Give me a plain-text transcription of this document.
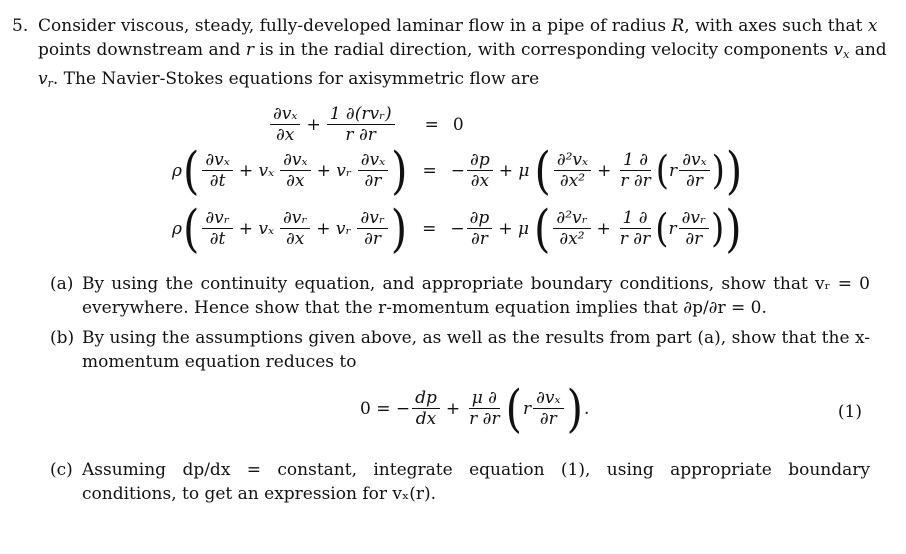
5. Consider viscous, steady, fully-developed laminar flow in a pipe of radius R, with axes such that x points downstream and r is in the radial direction, with corresponding velocity components $v_x$ and $v_r$. The Navier-Stokes equations for axisymmetric flow are
$\frac{\text{∂vₓ}}{\partial x} + \frac{\text{1 ∂(rvᵣ)}}{r \partial r} = 0$
ρ ( $\frac{\text{∂vₓ}}{\partial t} + v_x \frac{\text{∂vₓ}}{\partial x}$ + vᵣ $\frac{\text{∂vₓ}}{\partial r}$ ) = − $\frac{\partial p}{\partial x} + \mu$ ( $\frac{\text{∂²vₓ}}{\text{∂x²}} + \frac{1 \partial}{r \partial r}$ ( r $\frac{\text{∂vₓ}}{\partial r}$ ) )
ρ ( $\frac{\text{∂vᵣ}}{\partial t} + v_x \frac{\text{∂vᵣ}}{\partial x}$ + vᵣ $\frac{\text{∂vᵣ}}{\partial r}$ ) = − $\frac{\partial p}{\partial r} + \mu$ ( $\frac{\text{∂²vᵣ}}{\text{∂x²}} + \frac{1 \partial}{r \partial r}$ ( r $\frac{\text{∂vᵣ}}{\partial r}$ ) )
(a) By using the continuity equation, and appropriate boundary conditions, show that vᵣ = 0 everywhere. Hence show that the r-momentum equation implies that ∂p/∂r = 0.
(b) By using the assumptions given above, as well as the results from part (a), show that the x-momentum equation reduces to
0 = − $\frac{dp}{dx} + \frac{\mu \partial}{r \partial r}$ ( r $\frac{\text{∂vₓ}}{\partial r}$ ) .	(1)
(c) Assuming dp/dx = constant, integrate equation (1), using appropriate boundary conditions, to get an expression for vₓ(r).
